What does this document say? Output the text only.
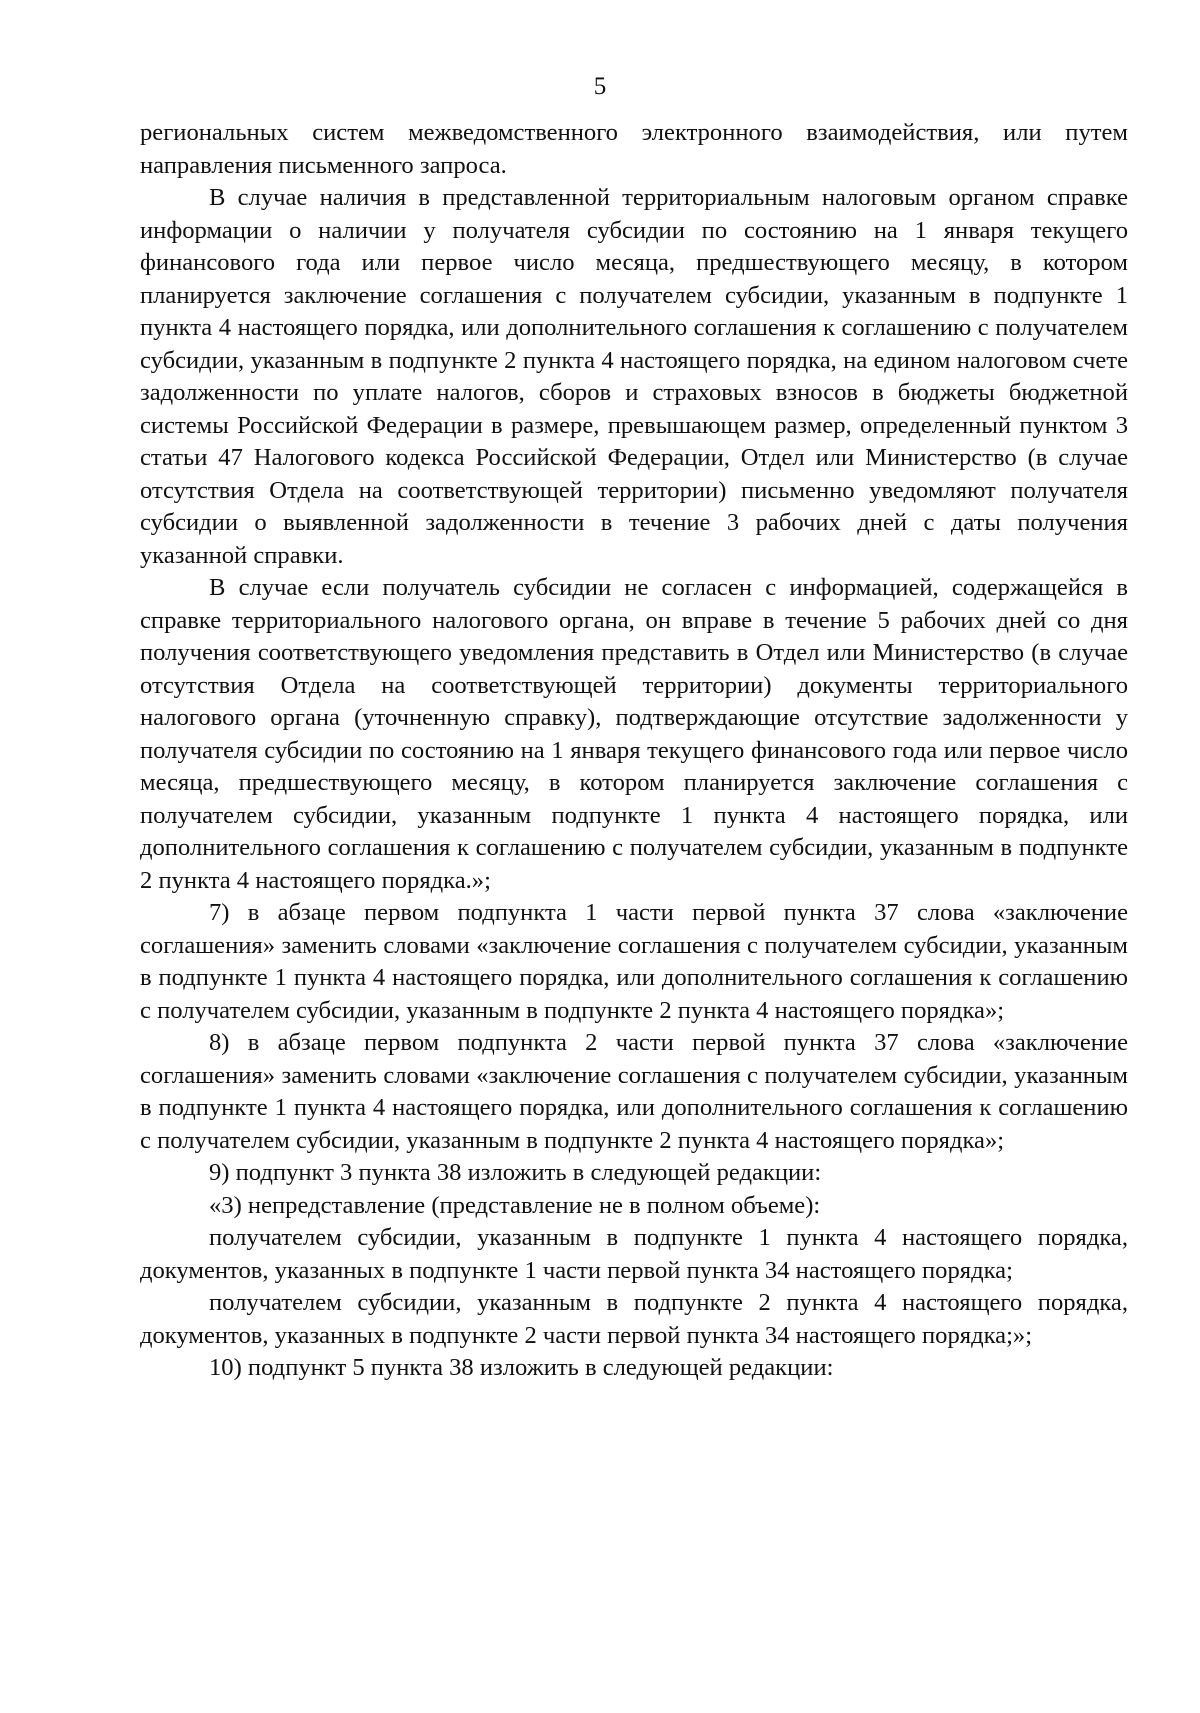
5

региональных систем межведомственного электронного взаимодействия, или путем направления письменного запроса.

В случае наличия в представленной территориальным налоговым органом справке информации о наличии у получателя субсидии по состоянию на 1 января текущего финансового года или первое число месяца, предшествующего месяцу, в котором планируется заключение соглашения с получателем субсидии, указанным в подпункте 1 пункта 4 настоящего порядка, или дополнительного соглашения к соглашению с получателем субсидии, указанным в подпункте 2 пункта 4 настоящего порядка, на едином налоговом счете задолженности по уплате налогов, сборов и страховых взносов в бюджеты бюджетной системы Российской Федерации в размере, превышающем размер, определенный пунктом 3 статьи 47 Налогового кодекса Российской Федерации, Отдел или Министерство (в случае отсутствия Отдела на соответствующей территории) письменно уведомляют получателя субсидии о выявленной задолженности в течение 3 рабочих дней с даты получения указанной справки.

В случае если получатель субсидии не согласен с информацией, содержащейся в справке территориального налогового органа, он вправе в течение 5 рабочих дней со дня получения соответствующего уведомления представить в Отдел или Министерство (в случае отсутствия Отдела на соответствующей территории) документы территориального налогового органа (уточненную справку), подтверждающие отсутствие задолженности у получателя субсидии по состоянию на 1 января текущего финансового года или первое число месяца, предшествующего месяцу, в котором планируется заключение соглашения с получателем субсидии, указанным подпункте 1 пункта 4 настоящего порядка, или дополнительного соглашения к соглашению с получателем субсидии, указанным в подпункте 2 пункта 4 настоящего порядка.»;

7) в абзаце первом подпункта 1 части первой пункта 37 слова «заключение соглашения» заменить словами «заключение соглашения с получателем субсидии, указанным в подпункте 1 пункта 4 настоящего порядка, или дополнительного соглашения к соглашению с получателем субсидии, указанным в подпункте 2 пункта 4 настоящего порядка»;

8) в абзаце первом подпункта 2 части первой пункта 37 слова «заключение соглашения» заменить словами «заключение соглашения с получателем субсидии, указанным в подпункте 1 пункта 4 настоящего порядка, или дополнительного соглашения к соглашению с получателем субсидии, указанным в подпункте 2 пункта 4 настоящего порядка»;

9) подпункт 3 пункта 38 изложить в следующей редакции:

«3) непредставление (представление не в полном объеме):

получателем субсидии, указанным в подпункте 1 пункта 4 настоящего порядка, документов, указанных в подпункте 1 части первой пункта 34 настоящего порядка;

получателем субсидии, указанным в подпункте 2 пункта 4 настоящего порядка, документов, указанных в подпункте 2 части первой пункта 34 настоящего порядка;»;

10) подпункт 5 пункта 38 изложить в следующей редакции:
